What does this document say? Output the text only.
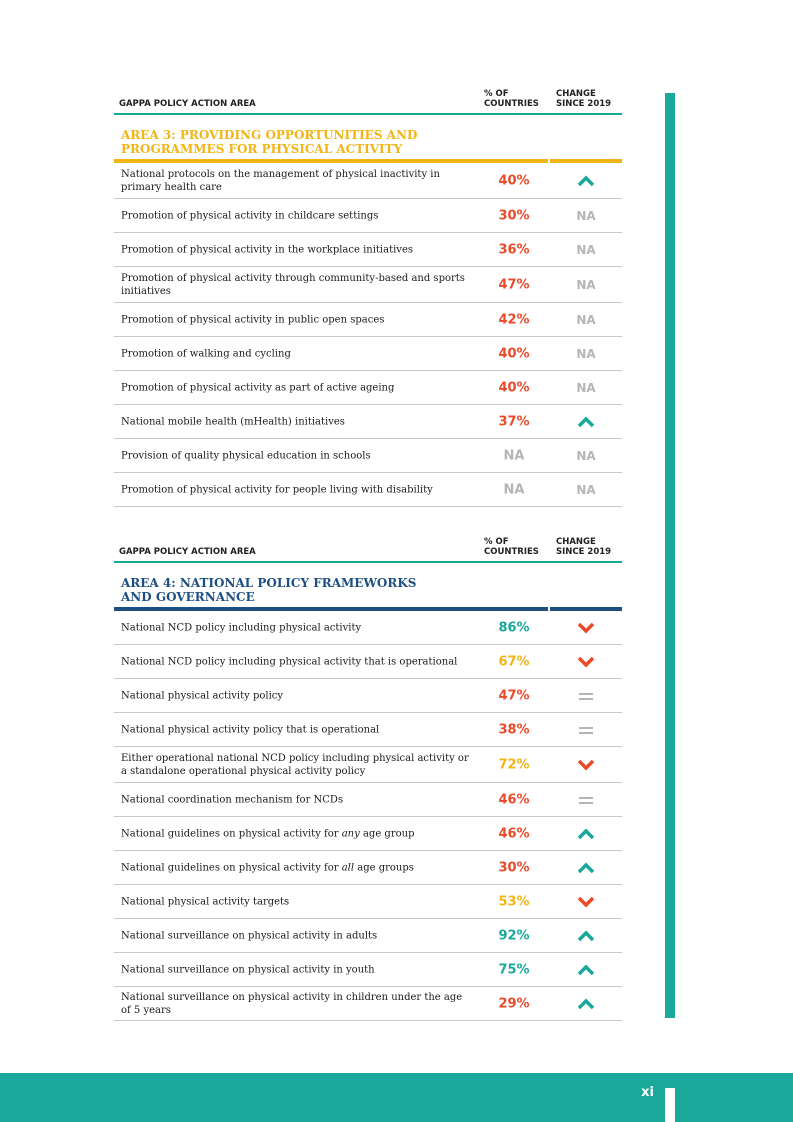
GAPPA POLICY ACTION AREA
% OF
COUNTRIES
CHANGE
SINCE 2019
AREA 3: PROVIDING OPPORTUNITIES AND
PROGRAMMES FOR PHYSICAL ACTIVITY
National protocols on the management of physical inactivity in primary health care	40%
Promotion of physical activity in childcare settings	30%	NA
Promotion of physical activity in the workplace initiatives	36%	NA
Promotion of physical activity through community-based and sports initiatives	47%	NA
Promotion of physical activity in public open spaces	42%	NA
Promotion of walking and cycling	40%	NA
Promotion of physical activity as part of active ageing	40%	NA
National mobile health (mHealth) initiatives	37%
Provision of quality physical education in schools	NA	NA
Promotion of physical activity for people living with disability	NA	NA
GAPPA POLICY ACTION AREA
% OF
COUNTRIES
CHANGE
SINCE 2019
AREA 4: NATIONAL POLICY FRAMEWORKS
AND GOVERNANCE
National NCD policy including physical activity	86%
National NCD policy including physical activity that is operational	67%
National physical activity policy	47%
National physical activity policy that is operational	38%
Either operational national NCD policy including physical activity or a standalone operational physical activity policy	72%
National coordination mechanism for NCDs	46%
National guidelines on physical activity for any age group	46%
National guidelines on physical activity for all age groups	30%
National physical activity targets	53%
National surveillance on physical activity in adults	92%
National surveillance on physical activity in youth	75%
National surveillance on physical activity in children under the age of 5 years	29%
xi
